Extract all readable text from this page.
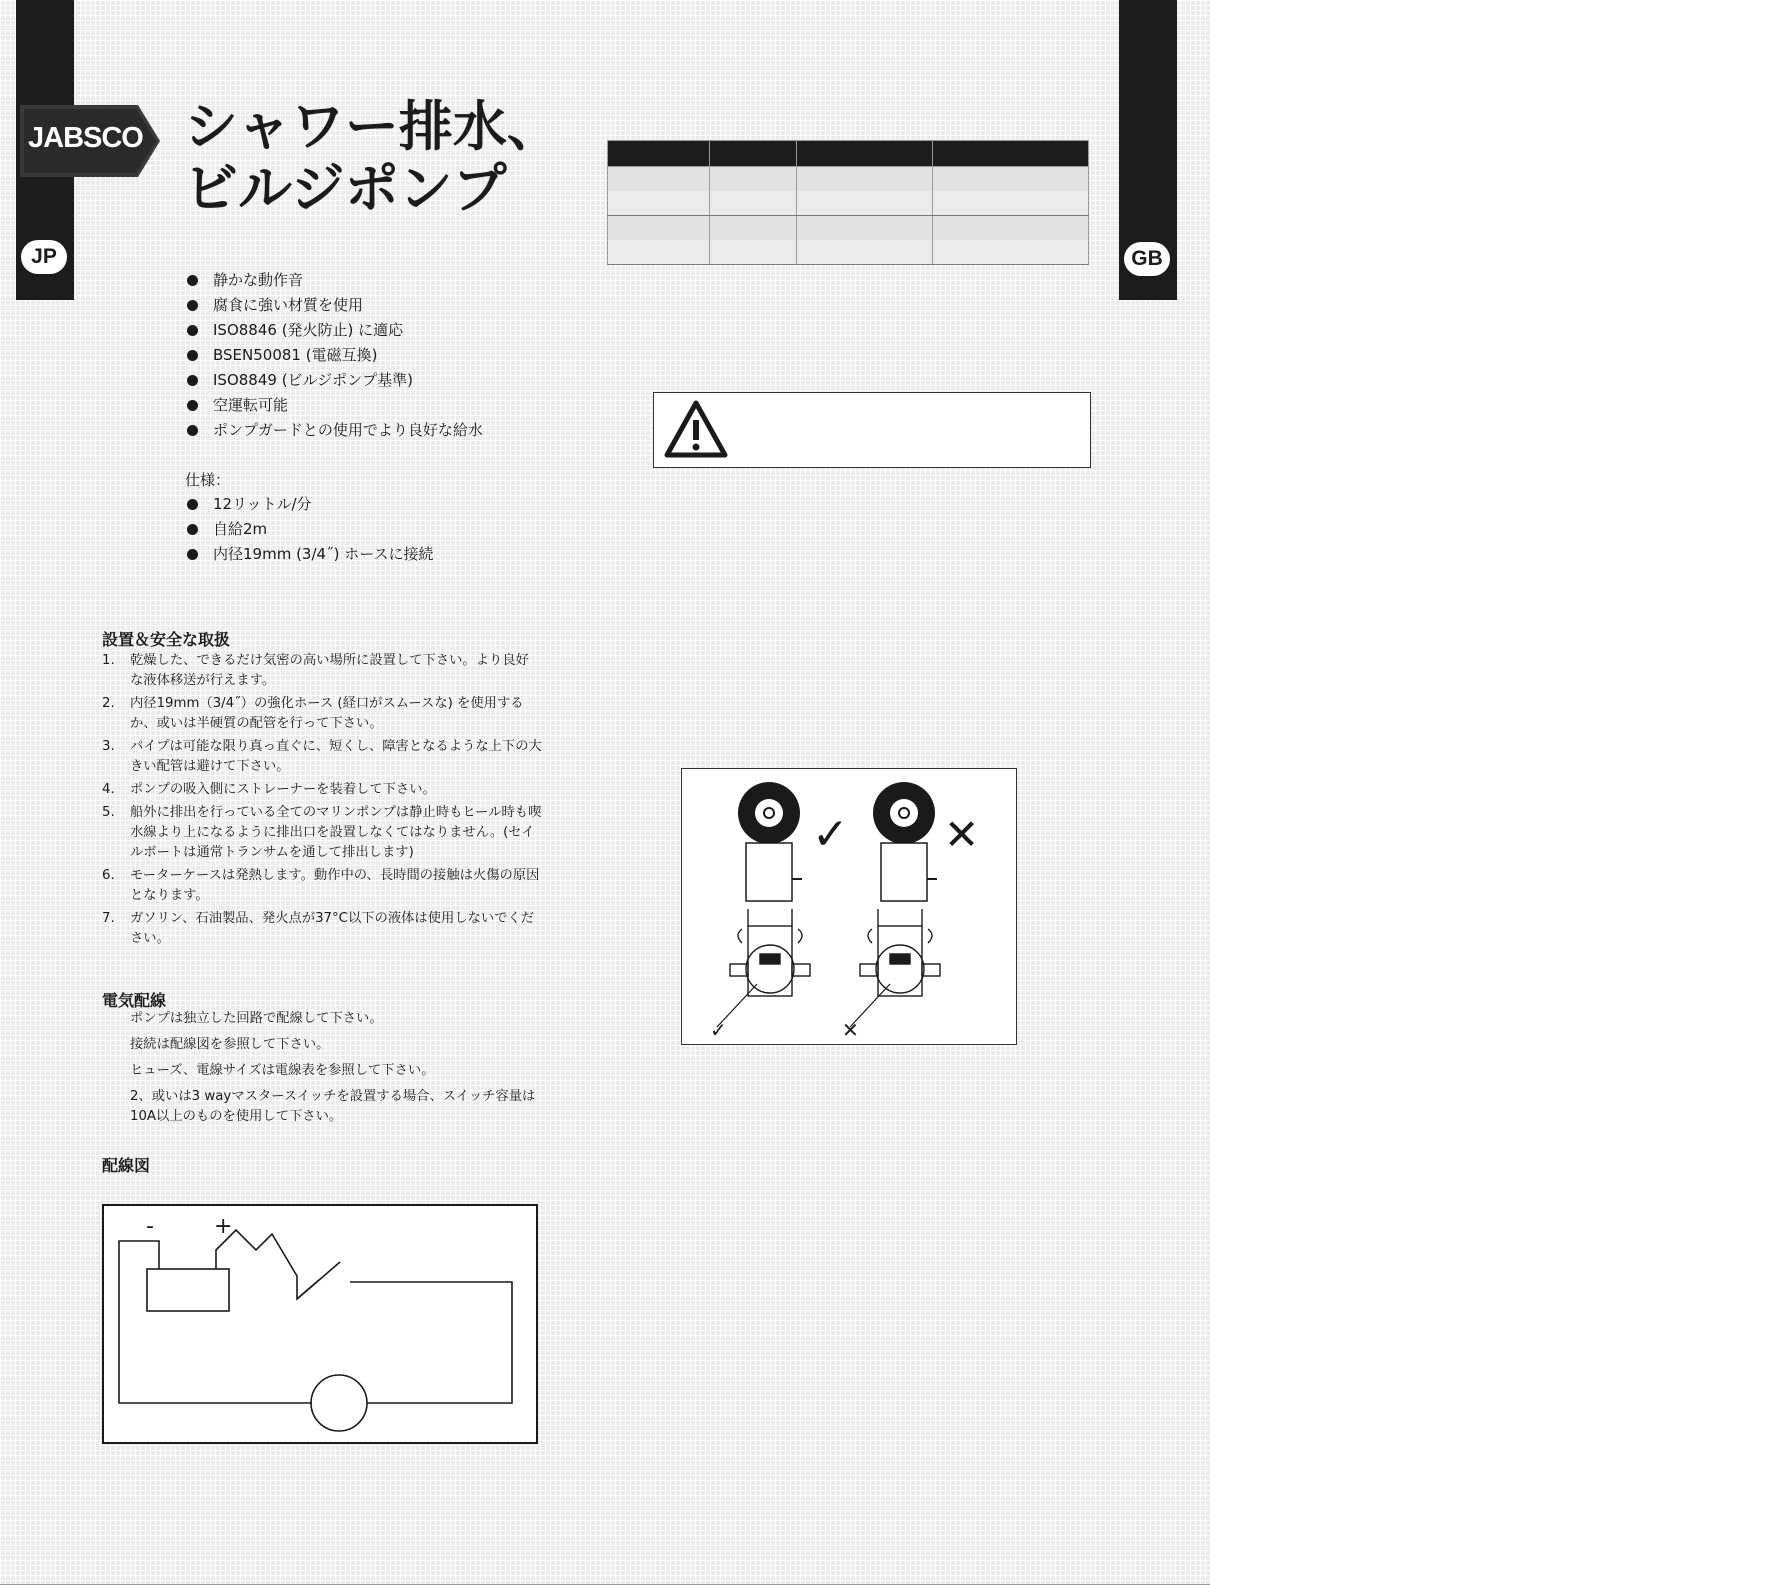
JABSCO
JP	GB
シャワー排水、
ビルジポンプ
静かな動作音
腐食に強い材質を使用
ISO8846 (発火防止) に適応
BSEN50081 (電磁互換)
ISO8849 (ビルジポンプ基準)
空運転可能
ポンプガードとの使用でより良好な給水
仕様：
12リットル/分
自給2m
内径19mm (3/4˝) ホースに接続
設置＆安全な取扱
1. 乾燥した、できるだけ気密の高い場所に設置して下さい。より良好な液体移送が行えます。
2. 内径19mm（3/4˝）の強化ホース (経口がスムースな) を使用するか、或いは半硬質の配管を行って下さい。
3. パイプは可能な限り真っ直ぐに、短くし、障害となるような上下の大きい配管は避けて下さい。
4. ポンプの吸入側にストレーナーを装着して下さい。
5. 船外に排出を行っている全てのマリンポンプは静止時もヒール時も喫水線より上になるように排出口を設置しなくてはなりません。(セイルボートは通常トランサムを通して排出します)
6. モーターケースは発熱します。動作中の、長時間の接触は火傷の原因となります。
7. ガソリン、石油製品、発火点が37°C以下の液体は使用しないでください。
電気配線
ポンプは独立した回路で配線して下さい。
接続は配線図を参照して下さい。
ヒューズ、電線サイズは電線表を参照して下さい。
2、或いは3 wayマスタースイッチを設置する場合、スイッチ容量は10A以上のものを使用して下さい。
配線図
-	+

✓ ✕
✓	✕
